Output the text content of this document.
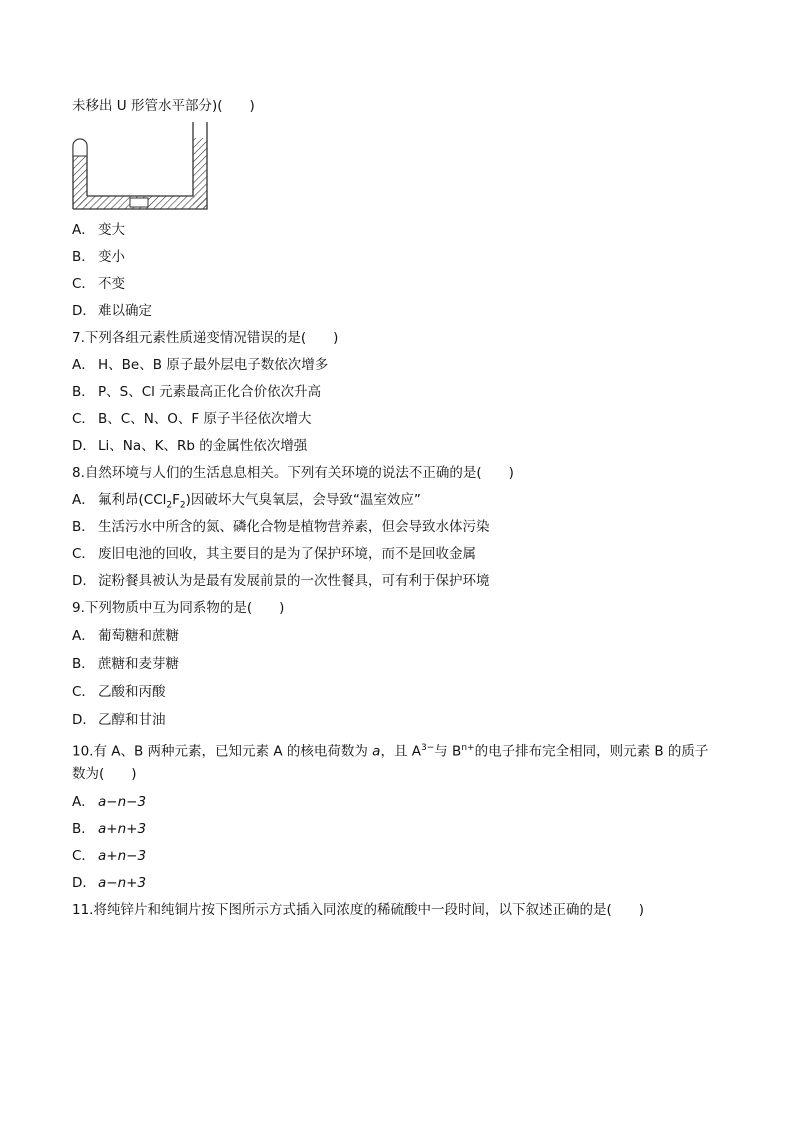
未移出 U 形管水平部分)(　　)
A． 变大
B． 变小
C． 不变
D． 难以确定
7.下列各组元素性质递变情况错误的是(　　)
A． H、Be、B 原子最外层电子数依次增多
B． P、S、Cl 元素最高正化合价依次升高
C． B、C、N、O、F 原子半径依次增大
D． Li、Na、K、Rb 的金属性依次增强
8.自然环境与人们的生活息息相关。下列有关环境的说法不正确的是(　　)
A． 氟利昂$(CCl_2F_2)$因破坏大气臭氧层，会导致“温室效应”
B． 生活污水中所含的氮、磷化合物是植物营养素，但会导致水体污染
C． 废旧电池的回收，其主要目的是为了保护环境，而不是回收金属
D． 淀粉餐具被认为是最有发展前景的一次性餐具，可有利于保护环境
9.下列物质中互为同系物的是(　　)
A． 葡萄糖和蔗糖
B． 蔗糖和麦芽糖
C． 乙酸和丙酸
D． 乙醇和甘油
10.有 A、B 两种元素，已知元素 A 的核电荷数为 a，且 $A^{3-}$与 $B^{n+}$的电子排布完全相同，则元素 B 的质子
数为(　　)
A． a−n−3
B． a+n+3
C． a+n−3
D． a−n+3
11.将纯锌片和纯铜片按下图所示方式插入同浓度的稀硫酸中一段时间，以下叙述正确的是(　　)
